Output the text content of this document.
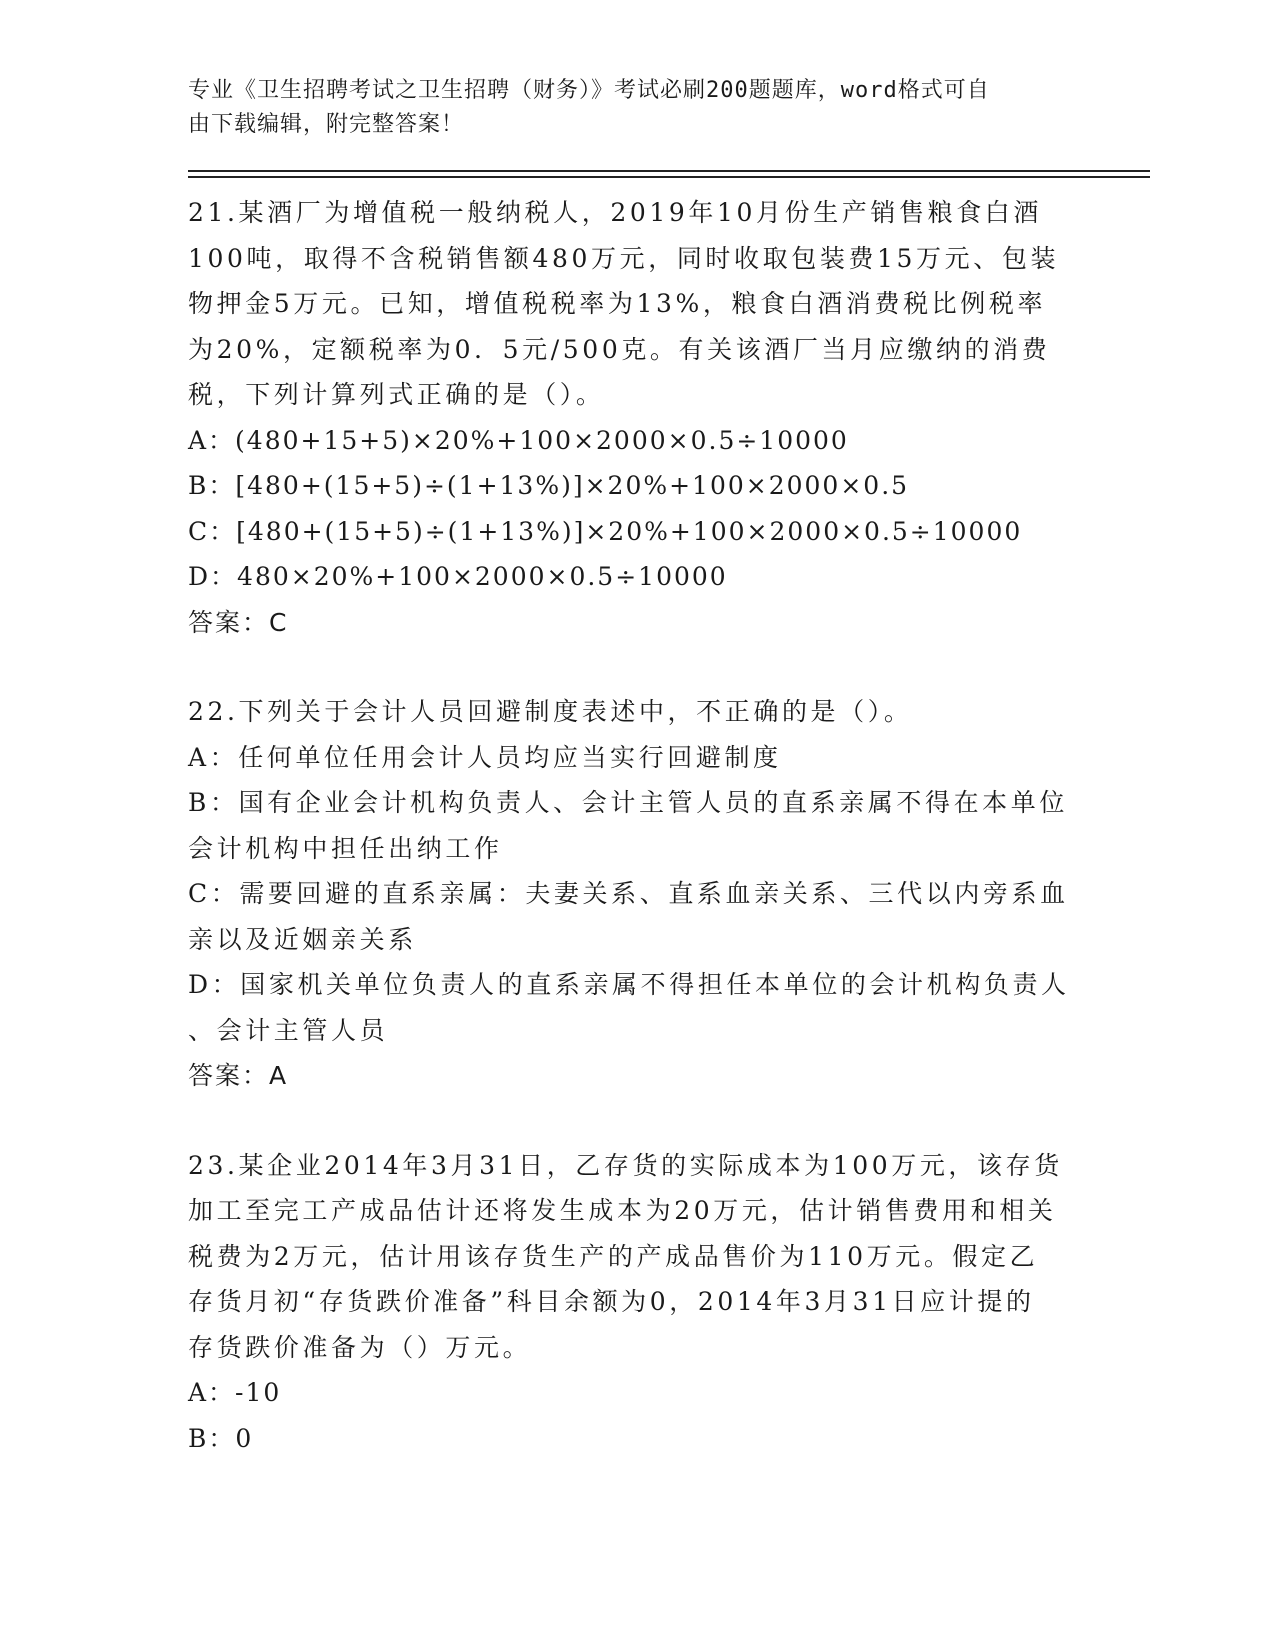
专业《卫生招聘考试之卫生招聘（财务）》考试必刷200题题库，word格式可自
由下载编辑，附完整答案！
21.某酒厂为增值税一般纳税人，2019年10月份生产销售粮食白酒
100吨，取得不含税销售额480万元，同时收取包装费15万元、包装
物押金5万元。已知，增值税税率为13%，粮食白酒消费税比例税率
为20%，定额税率为0．5元/500克。有关该酒厂当月应缴纳的消费
税，下列计算列式正确的是（）。
A：(480+15+5)×20%+100×2000×0.5÷10000
B：[480+(15+5)÷(1+13%)]×20%+100×2000×0.5
C：[480+(15+5)÷(1+13%)]×20%+100×2000×0.5÷10000
D：480×20%+100×2000×0.5÷10000
答案：C
22.下列关于会计人员回避制度表述中，不正确的是（）。
A：任何单位任用会计人员均应当实行回避制度
B：国有企业会计机构负责人、会计主管人员的直系亲属不得在本单位
会计机构中担任出纳工作
C：需要回避的直系亲属：夫妻关系、直系血亲关系、三代以内旁系血
亲以及近姻亲关系
D：国家机关单位负责人的直系亲属不得担任本单位的会计机构负责人
、会计主管人员
答案：A
23.某企业2014年3月31日，乙存货的实际成本为100万元，该存货
加工至完工产成品估计还将发生成本为20万元，估计销售费用和相关
税费为2万元，估计用该存货生产的产成品售价为110万元。假定乙
存货月初“存货跌价准备”科目余额为0，2014年3月31日应计提的
存货跌价准备为（）万元。
A：-10
B：0
